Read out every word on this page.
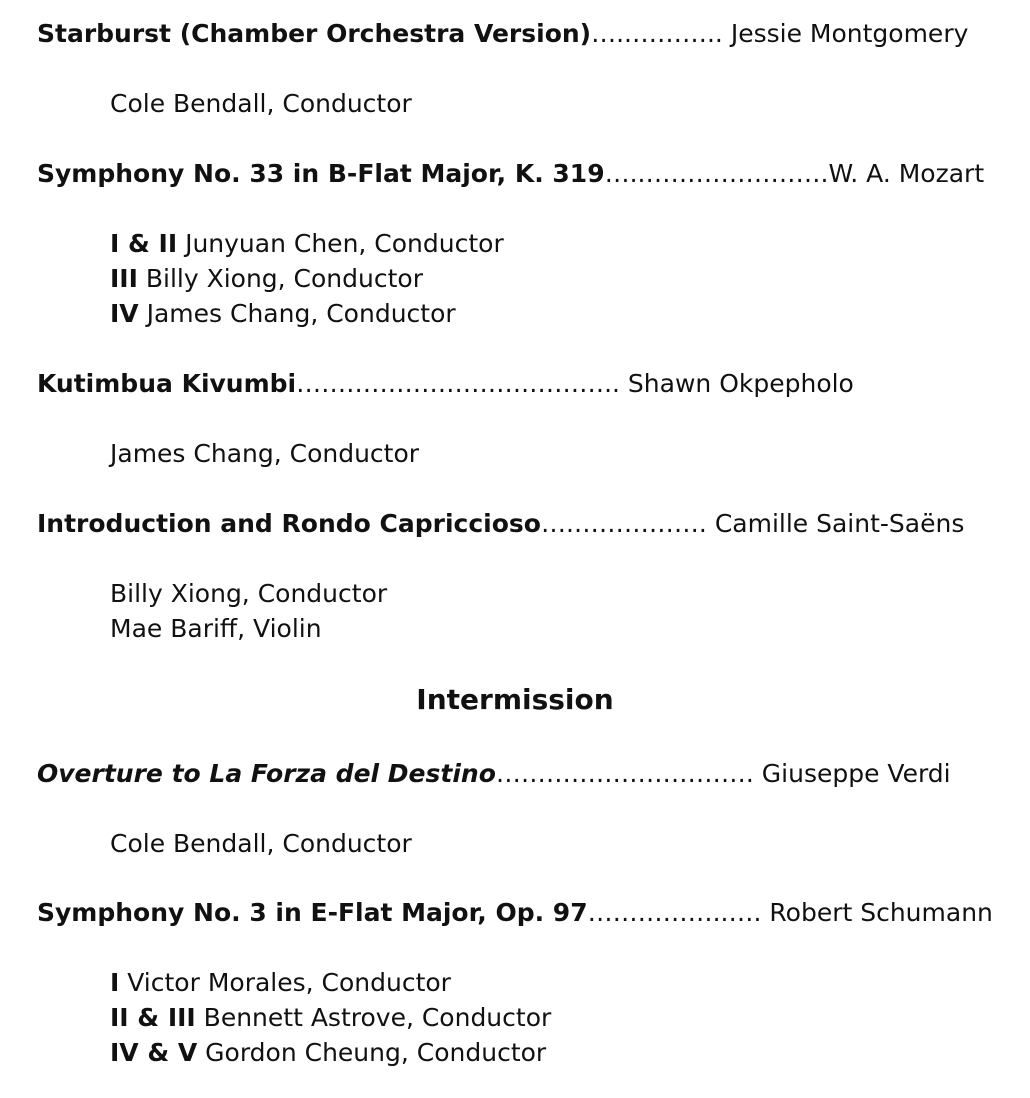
Starburst (Chamber Orchestra Version)…..……….. Jessie Montgomery
Cole Bendall, Conductor
Symphony No. 33 in B-Flat Major, K. 319…..………………….W. A. Mozart
I & II Junyuan Chen, Conductor
III Billy Xiong, Conductor
IV James Chang, Conductor
Kutimbua Kivumbi……………………….……….. Shawn Okpepholo
James Chang, Conductor
Introduction and Rondo Capriccioso….……………. Camille Saint-Saëns
Billy Xiong, Conductor
Mae Bariff, Violin
Intermission
Overture to La Forza del Destino…………………………. Giuseppe Verdi
Cole Bendall, Conductor
Symphony No. 3 in E-Flat Major, Op. 97……………..…. Robert Schumann
I Victor Morales, Conductor
II & III Bennett Astrove, Conductor
IV & V Gordon Cheung, Conductor
